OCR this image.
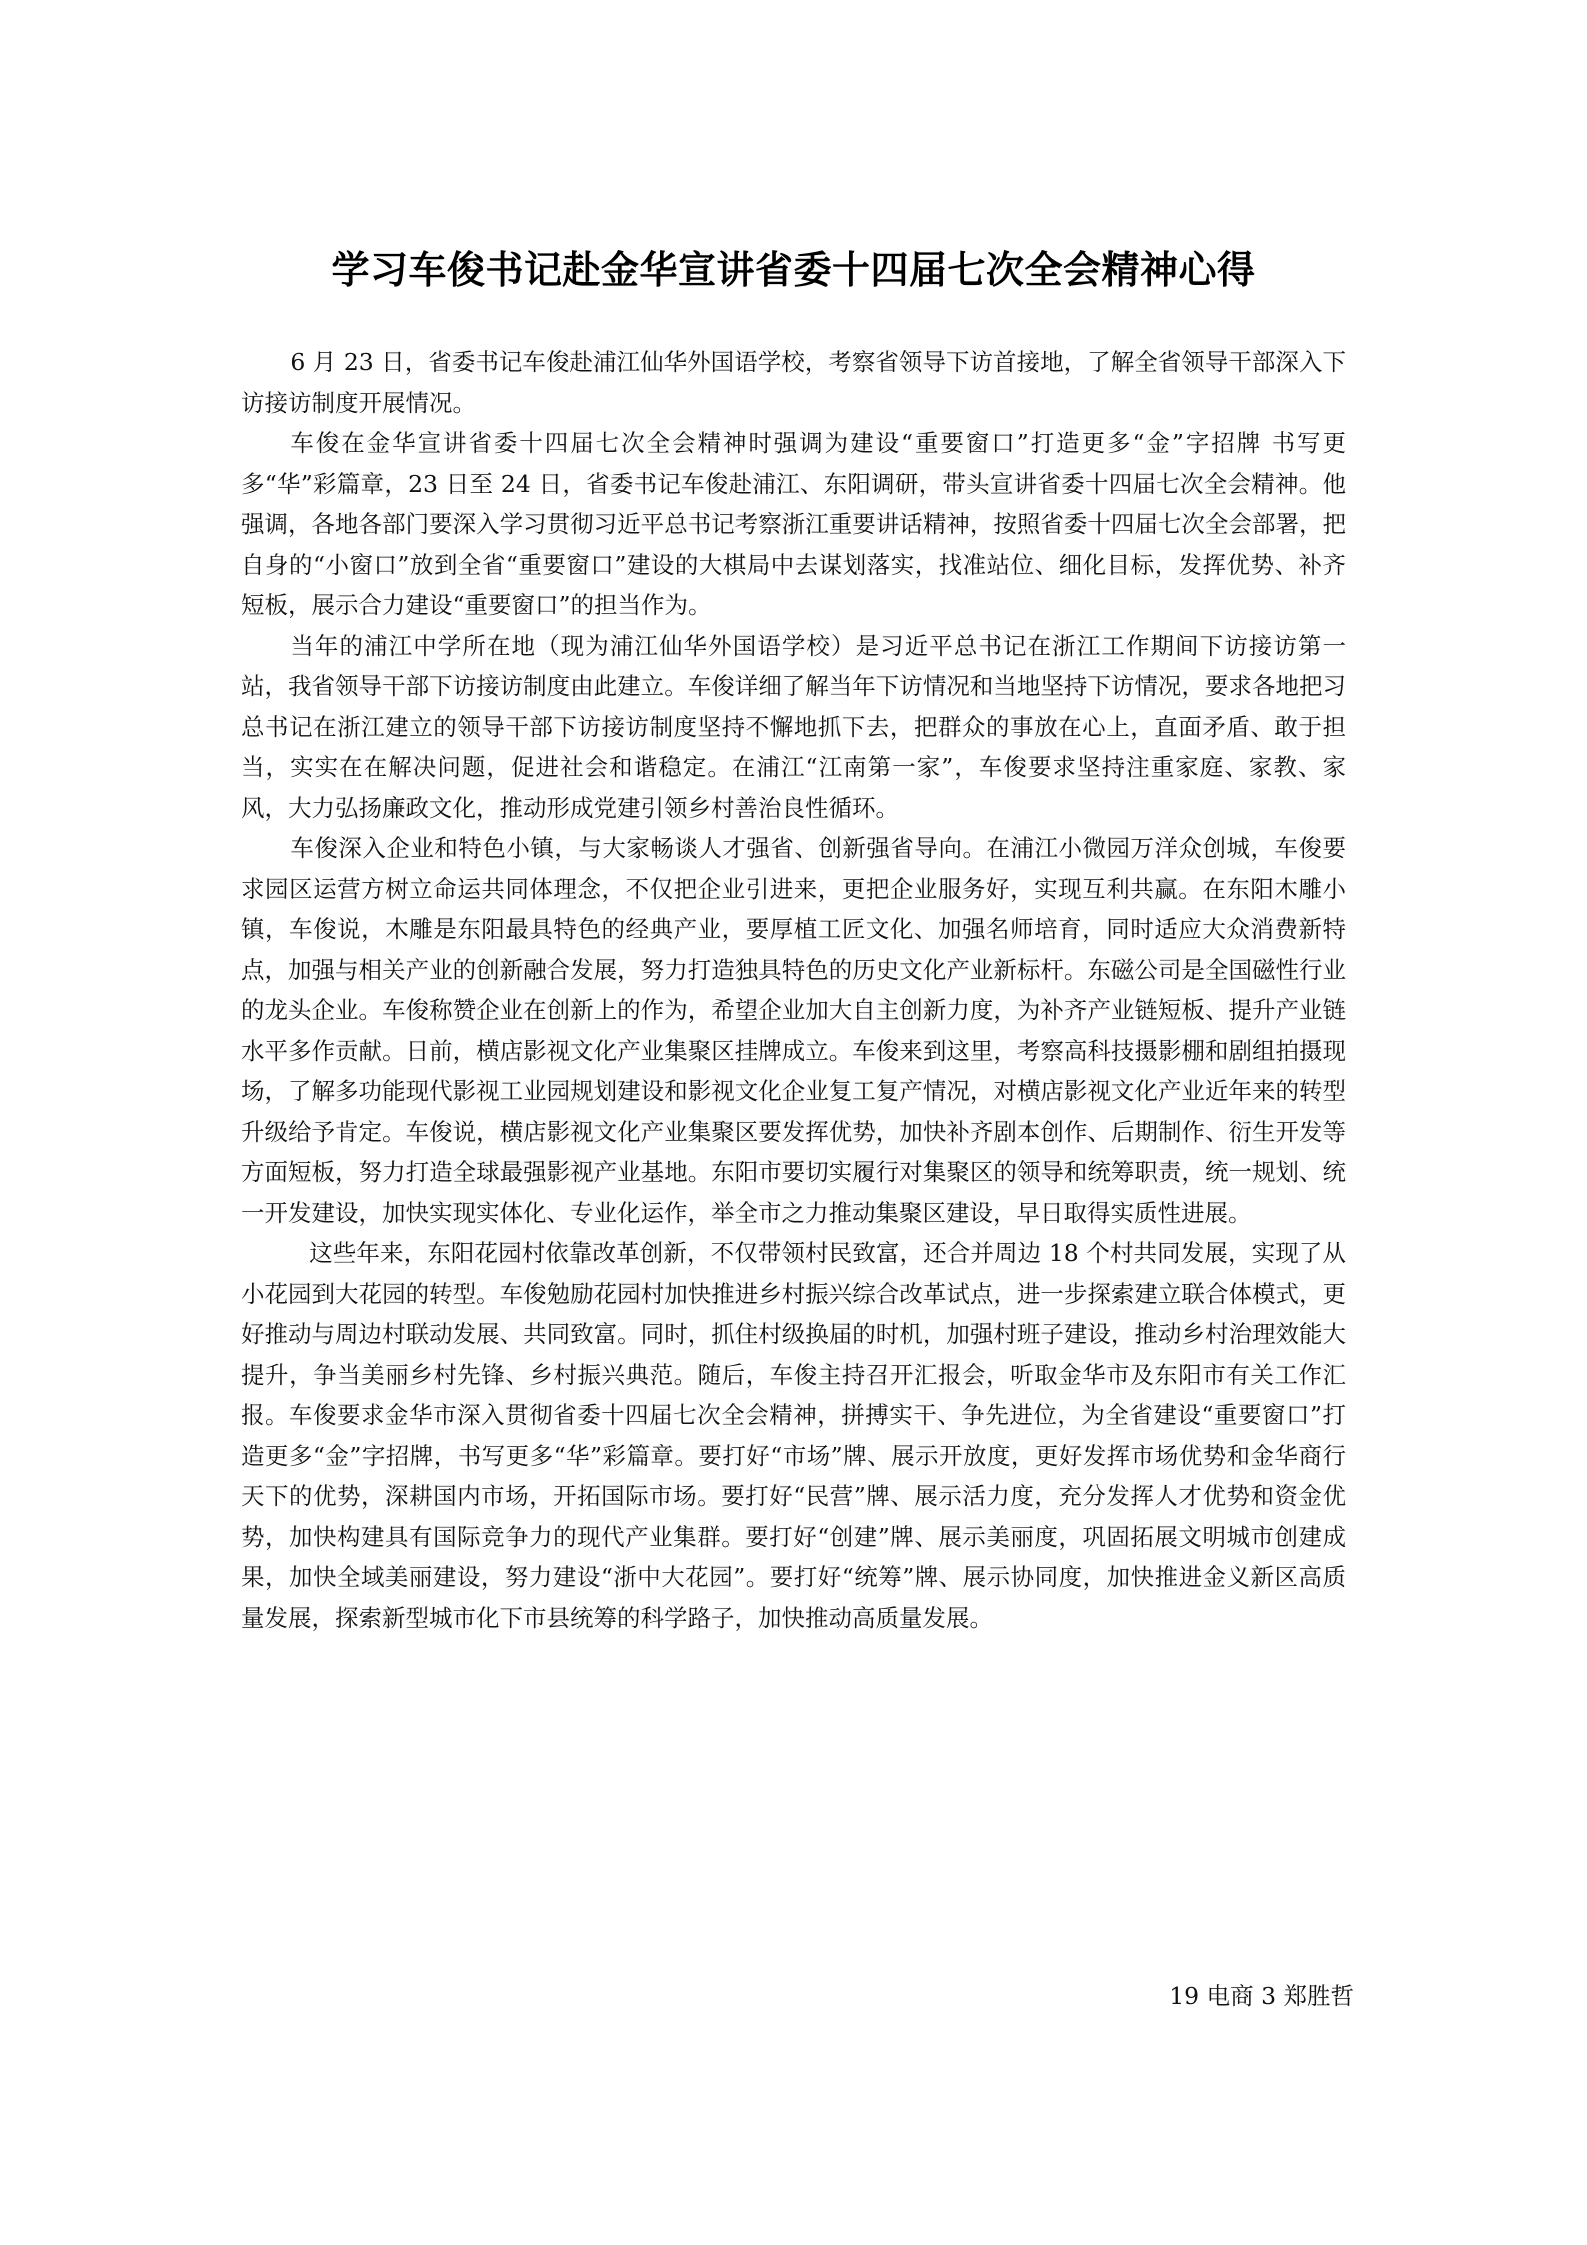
学习车俊书记赴金华宣讲省委十四届七次全会精神心得

6 月 23 日，省委书记车俊赴浦江仙华外国语学校，考察省领导下访首接地，了解全省领导干部深入下访接访制度开展情况。

车俊在金华宣讲省委十四届七次全会精神时强调为建设“重要窗口”打造更多“金”字招牌 书写更多“华”彩篇章，23 日至 24 日，省委书记车俊赴浦江、东阳调研，带头宣讲省委十四届七次全会精神。他强调，各地各部门要深入学习贯彻习近平总书记考察浙江重要讲话精神，按照省委十四届七次全会部署，把自身的“小窗口”放到全省“重要窗口”建设的大棋局中去谋划落实，找准站位、细化目标，发挥优势、补齐短板，展示合力建设“重要窗口”的担当作为。

当年的浦江中学所在地（现为浦江仙华外国语学校）是习近平总书记在浙江工作期间下访接访第一站，我省领导干部下访接访制度由此建立。车俊详细了解当年下访情况和当地坚持下访情况，要求各地把习总书记在浙江建立的领导干部下访接访制度坚持不懈地抓下去，把群众的事放在心上，直面矛盾、敢于担当，实实在在解决问题，促进社会和谐稳定。在浦江“江南第一家”，车俊要求坚持注重家庭、家教、家风，大力弘扬廉政文化，推动形成党建引领乡村善治良性循环。

车俊深入企业和特色小镇，与大家畅谈人才强省、创新强省导向。在浦江小微园万洋众创城，车俊要求园区运营方树立命运共同体理念，不仅把企业引进来，更把企业服务好，实现互利共赢。在东阳木雕小镇，车俊说，木雕是东阳最具特色的经典产业，要厚植工匠文化、加强名师培育，同时适应大众消费新特点，加强与相关产业的创新融合发展，努力打造独具特色的历史文化产业新标杆。东磁公司是全国磁性行业的龙头企业。车俊称赞企业在创新上的作为，希望企业加大自主创新力度，为补齐产业链短板、提升产业链水平多作贡献。日前，横店影视文化产业集聚区挂牌成立。车俊来到这里，考察高科技摄影棚和剧组拍摄现场，了解多功能现代影视工业园规划建设和影视文化企业复工复产情况，对横店影视文化产业近年来的转型升级给予肯定。车俊说，横店影视文化产业集聚区要发挥优势，加快补齐剧本创作、后期制作、衍生开发等方面短板，努力打造全球最强影视产业基地。东阳市要切实履行对集聚区的领导和统筹职责，统一规划、统一开发建设，加快实现实体化、专业化运作，举全市之力推动集聚区建设，早日取得实质性进展。

这些年来，东阳花园村依靠改革创新，不仅带领村民致富，还合并周边 18 个村共同发展，实现了从小花园到大花园的转型。车俊勉励花园村加快推进乡村振兴综合改革试点，进一步探索建立联合体模式，更好推动与周边村联动发展、共同致富。同时，抓住村级换届的时机，加强村班子建设，推动乡村治理效能大提升，争当美丽乡村先锋、乡村振兴典范。随后，车俊主持召开汇报会，听取金华市及东阳市有关工作汇报。车俊要求金华市深入贯彻省委十四届七次全会精神，拼搏实干、争先进位，为全省建设“重要窗口”打造更多“金”字招牌，书写更多“华”彩篇章。要打好“市场”牌、展示开放度，更好发挥市场优势和金华商行天下的优势，深耕国内市场，开拓国际市场。要打好“民营”牌、展示活力度，充分发挥人才优势和资金优势，加快构建具有国际竞争力的现代产业集群。要打好“创建”牌、展示美丽度，巩固拓展文明城市创建成果，加快全域美丽建设，努力建设“浙中大花园”。要打好“统筹”牌、展示协同度，加快推进金义新区高质量发展，探索新型城市化下市县统筹的科学路子，加快推动高质量发展。

19 电商 3 郑胜哲
